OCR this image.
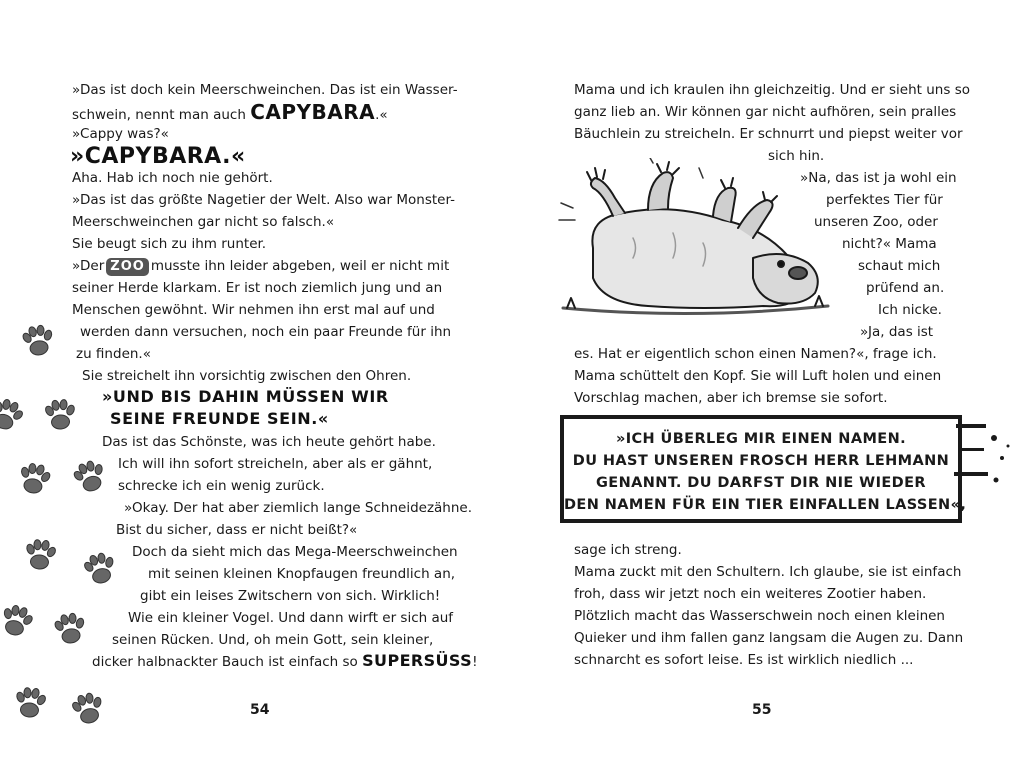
»Das ist doch kein Meerschweinchen. Das ist ein Wasser-
schwein, nennt man auch CAPYBARA.«
»Cappy was?«
»CAPYBARA.«
Aha. Hab ich noch nie gehört.
»Das ist das größte Nagetier der Welt. Also war Monster-
Meerschweinchen gar nicht so falsch.«
Sie beugt sich zu ihm runter.
»Der ZOO musste ihn leider abgeben, weil er nicht mit
seiner Herde klarkam. Er ist noch ziemlich jung und an
Menschen gewöhnt. Wir nehmen ihn erst mal auf und
werden dann versuchen, noch ein paar Freunde für ihn
zu finden.«
Sie streichelt ihn vorsichtig zwischen den Ohren.
»UND BIS DAHIN MÜSSEN WIR
SEINE FREUNDE SEIN.«
Das ist das Schönste, was ich heute gehört habe.
Ich will ihn sofort streicheln, aber als er gähnt,
schrecke ich ein wenig zurück.
»Okay. Der hat aber ziemlich lange Schneidezähne.
Bist du sicher, dass er nicht beißt?«
Doch da sieht mich das Mega-Meerschweinchen
mit seinen kleinen Knopfaugen freundlich an,
gibt ein leises Zwitschern von sich. Wirklich!
Wie ein kleiner Vogel. Und dann wirft er sich auf
seinen Rücken. Und, oh mein Gott, sein kleiner,
dicker halbnackter Bauch ist einfach so SUPERSÜSS!
54
Mama und ich kraulen ihn gleichzeitig. Und er sieht uns so
ganz lieb an. Wir können gar nicht aufhören, sein pralles
Bäuchlein zu streicheln. Er schnurrt und piepst weiter vor
sich hin.
»Na, das ist ja wohl ein
perfektes Tier für
unseren Zoo, oder
nicht?« Mama
schaut mich
prüfend an.
Ich nicke.
»Ja, das ist
es. Hat er eigentlich schon einen Namen?«, frage ich.
Mama schüttelt den Kopf. Sie will Luft holen und einen
Vorschlag machen, aber ich bremse sie sofort.
»ICH ÜBERLEG MIR EINEN NAMEN.
DU HAST UNSEREN FROSCH HERR LEHMANN
GENANNT. DU DARFST DIR NIE WIEDER
DEN NAMEN FÜR EIN TIER EINFALLEN LASSEN«,
sage ich streng.
Mama zuckt mit den Schultern. Ich glaube, sie ist einfach
froh, dass wir jetzt noch ein weiteres Zootier haben.
Plötzlich macht das Wasserschwein noch einen kleinen
Quieker und ihm fallen ganz langsam die Augen zu. Dann
schnarcht es sofort leise. Es ist wirklich niedlich ...
55
